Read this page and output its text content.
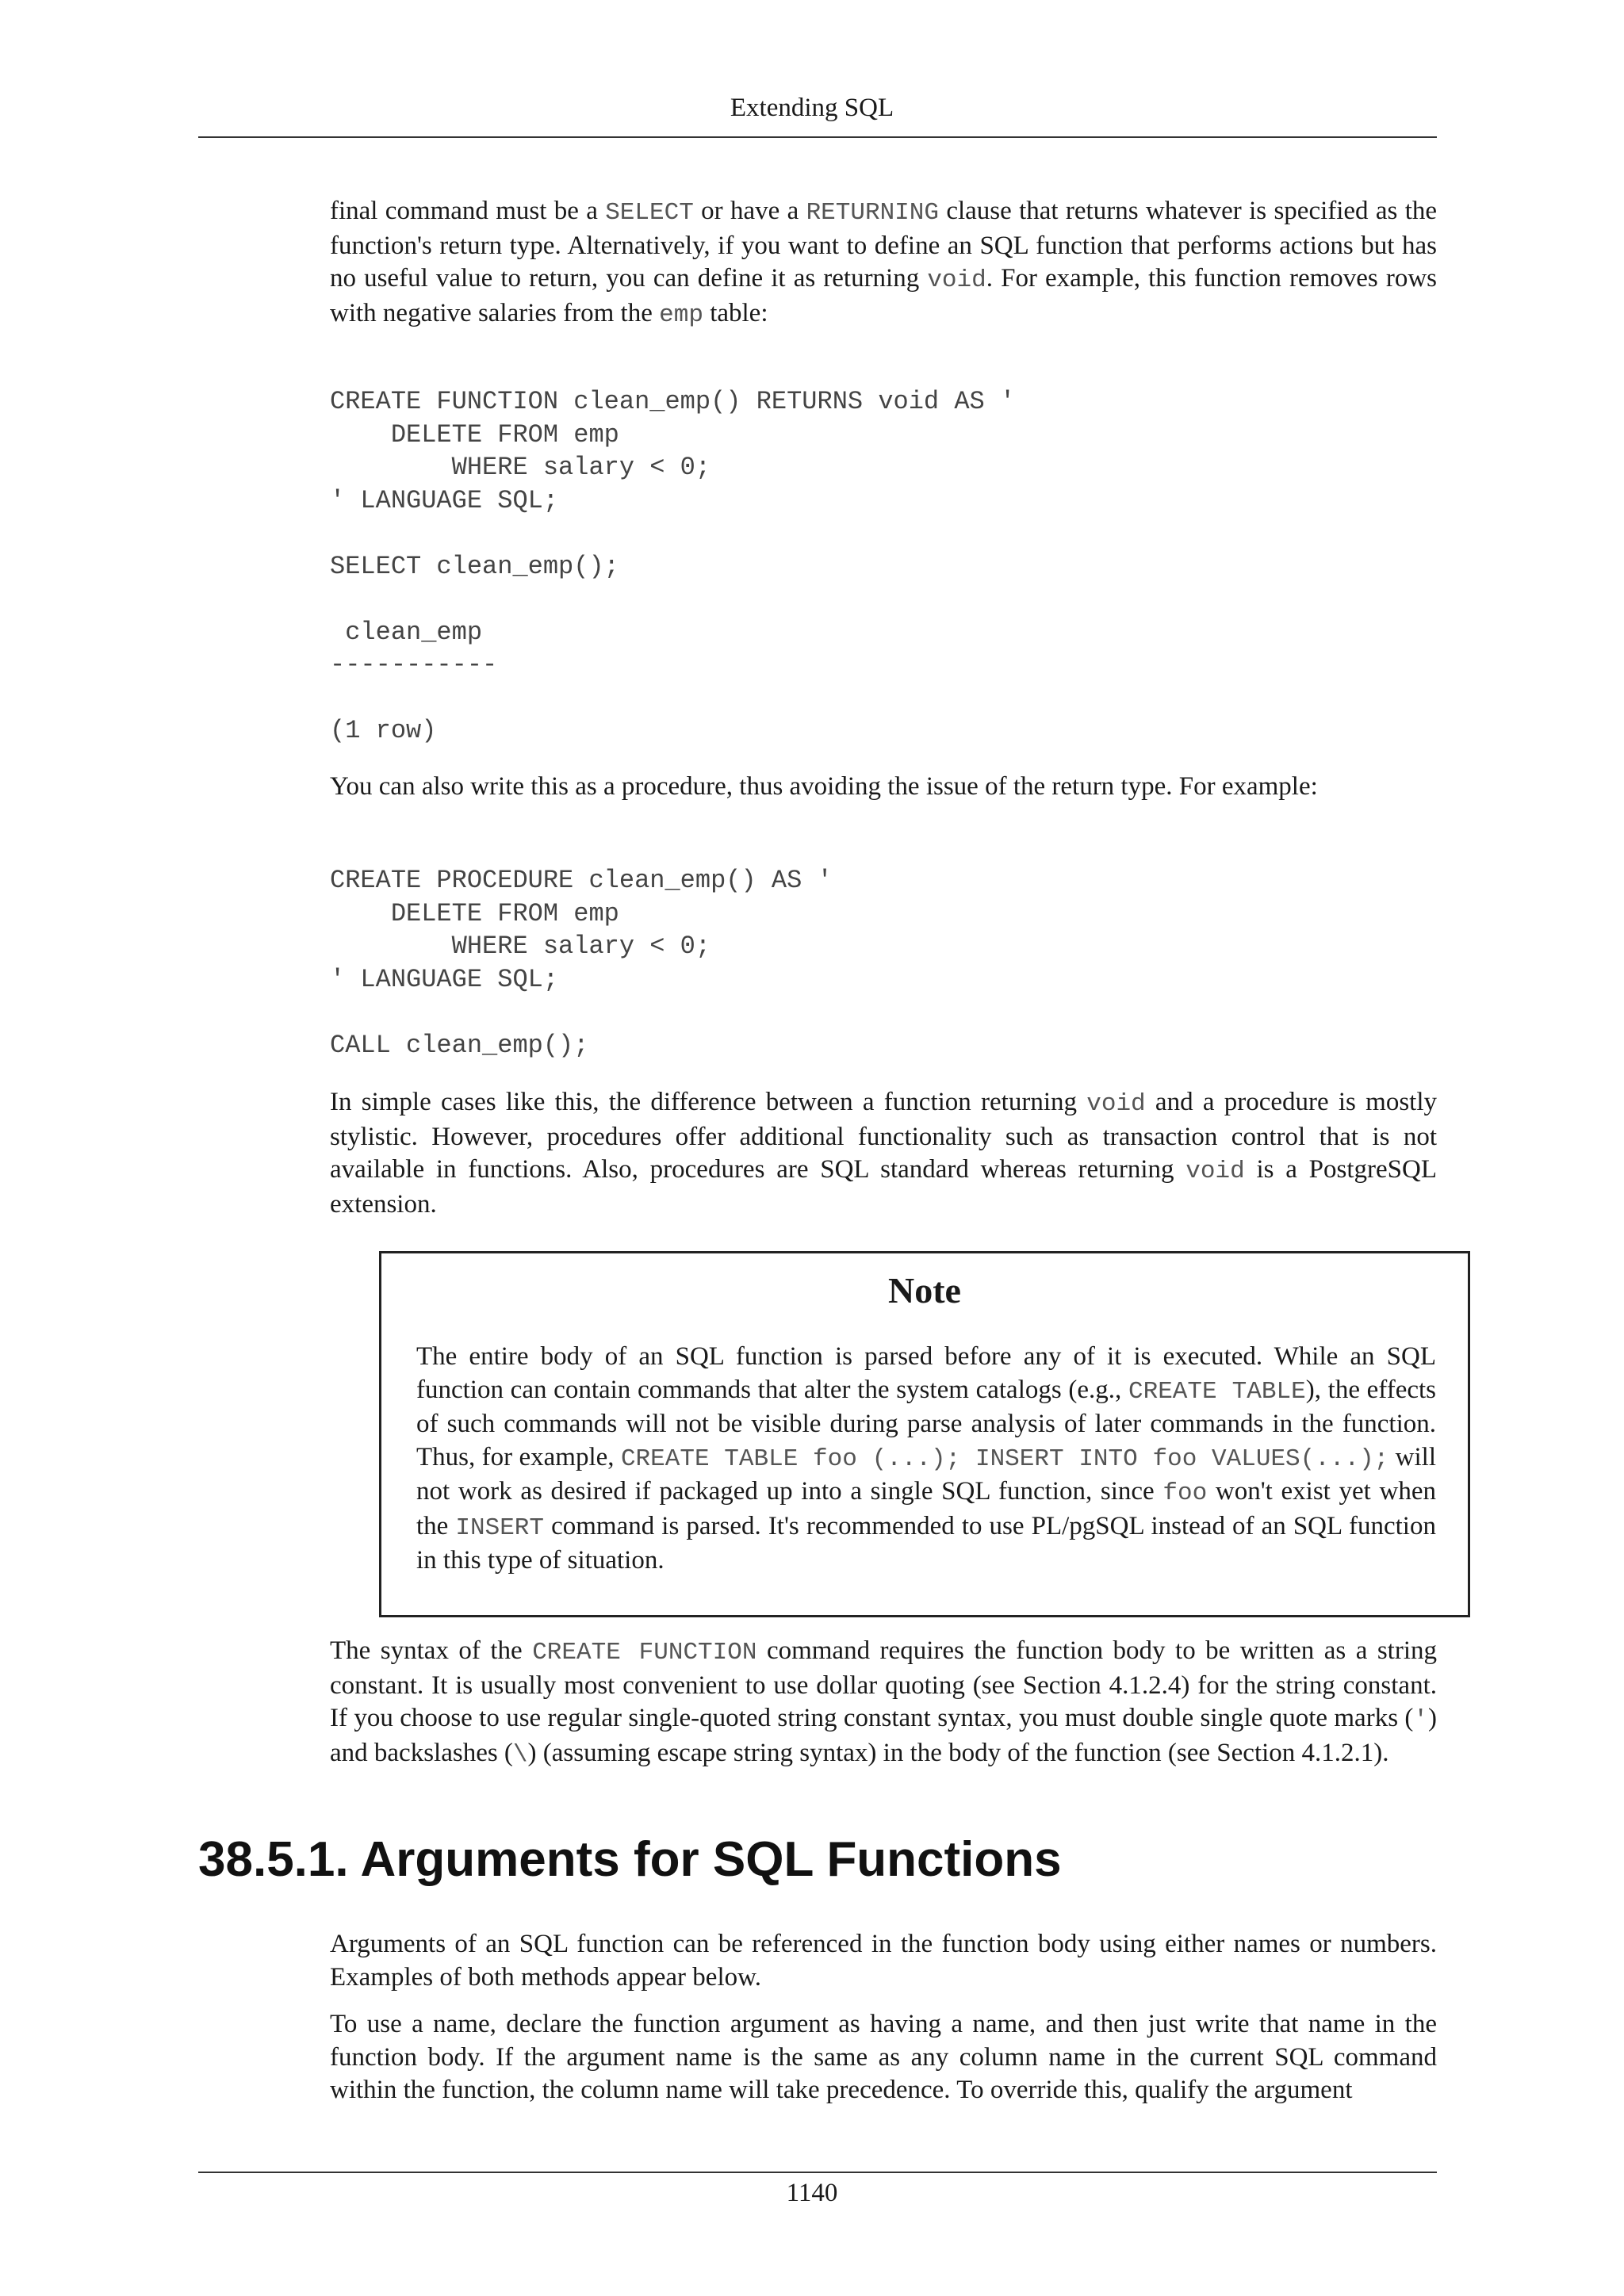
Extending SQL

final command must be a SELECT or have a RETURNING clause that returns whatever is specified as the function's return type. Alternatively, if you want to define an SQL function that performs actions but has no useful value to return, you can define it as returning void. For example, this function removes rows with negative salaries from the emp table:

CREATE FUNCTION clean_emp() RETURNS void AS '
DELETE FROM emp
WHERE salary < 0;
' LANGUAGE SQL;

SELECT clean_emp();

clean_emp
-----------

(1 row)

You can also write this as a procedure, thus avoiding the issue of the return type. For example:

CREATE PROCEDURE clean_emp() AS '
DELETE FROM emp
WHERE salary < 0;
' LANGUAGE SQL;

CALL clean_emp();

In simple cases like this, the difference between a function returning void and a procedure is mostly stylistic. However, procedures offer additional functionality such as transaction control that is not available in functions. Also, procedures are SQL standard whereas returning void is a PostgreSQL extension.

Note

The entire body of an SQL function is parsed before any of it is executed. While an SQL function can contain commands that alter the system catalogs (e.g., CREATE TABLE), the effects of such commands will not be visible during parse analysis of later commands in the function. Thus, for example, CREATE TABLE foo (...); INSERT INTO foo VALUES(...); will not work as desired if packaged up into a single SQL function, since foo won't exist yet when the INSERT command is parsed. It's recommended to use PL/pgSQL instead of an SQL function in this type of situation.

The syntax of the CREATE FUNCTION command requires the function body to be written as a string constant. It is usually most convenient to use dollar quoting (see Section 4.1.2.4) for the string constant. If you choose to use regular single-quoted string constant syntax, you must double single quote marks (') and backslashes (\) (assuming escape string syntax) in the body of the function (see Section 4.1.2.1).

38.5.1. Arguments for SQL Functions

Arguments of an SQL function can be referenced in the function body using either names or numbers. Examples of both methods appear below.

To use a name, declare the function argument as having a name, and then just write that name in the function body. If the argument name is the same as any column name in the current SQL command within the function, the column name will take precedence. To override this, qualify the argument

1140
